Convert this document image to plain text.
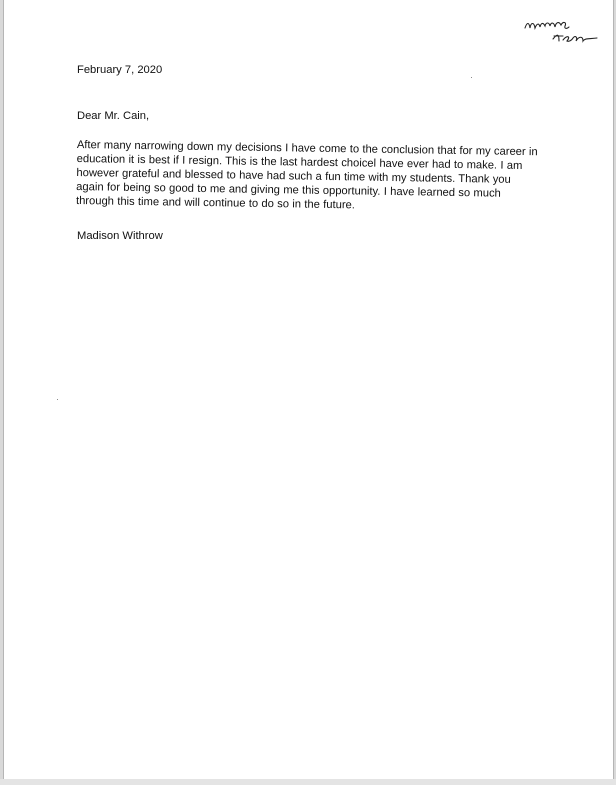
February 7, 2020

Dear Mr. Cain,

After many narrowing down my decisions I have come to the conclusion that for my career in education it is best if I resign. This is the last hardest choicel have ever had to make. I am however grateful and blessed to have had such a fun time with my students. Thank you again for being so good to me and giving me this opportunity. I have learned so much through this time and will continue to do so in the future.

Madison Withrow
